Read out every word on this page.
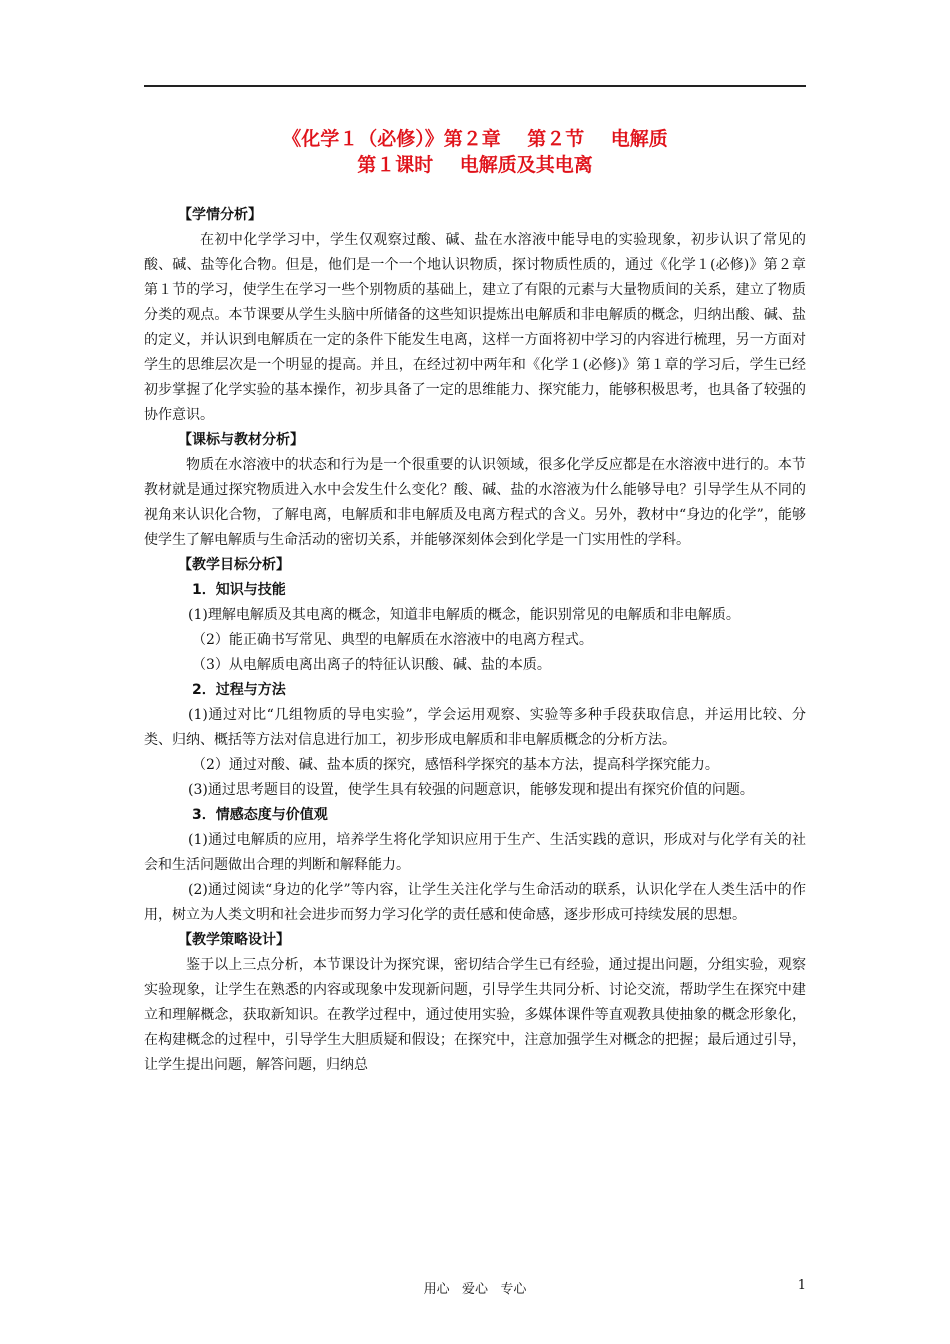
《化学１（必修）》第２章    第２节    电解质
第１课时    电解质及其电离

【学情分析】

在初中化学学习中，学生仅观察过酸、碱、盐在水溶液中能导电的实验现象，初步认识了常见的酸、碱、盐等化合物。但是，他们是一个一个地认识物质，探讨物质性质的，通过《化学１(必修)》第２章第１节的学习，使学生在学习一些个别物质的基础上，建立了有限的元素与大量物质间的关系，建立了物质分类的观点。本节课要从学生头脑中所储备的这些知识提炼出电解质和非电解质的概念，归纳出酸、碱、盐的定义，并认识到电解质在一定的条件下能发生电离，这样一方面将初中学习的内容进行梳理，另一方面对学生的思维层次是一个明显的提高。并且，在经过初中两年和《化学１(必修)》第１章的学习后，学生已经初步掌握了化学实验的基本操作，初步具备了一定的思维能力、探究能力，能够积极思考，也具备了较强的协作意识。

【课标与教材分析】

物质在水溶液中的状态和行为是一个很重要的认识领域，很多化学反应都是在水溶液中进行的。本节教材就是通过探究物质进入水中会发生什么变化？酸、碱、盐的水溶液为什么能够导电？引导学生从不同的视角来认识化合物，了解电离，电解质和非电解质及电离方程式的含义。另外，教材中“身边的化学”，能够使学生了解电解质与生命活动的密切关系，并能够深刻体会到化学是一门实用性的学科。

【教学目标分析】

1．知识与技能

(1)理解电解质及其电离的概念，知道非电解质的概念，能识别常见的电解质和非电解质。

（2）能正确书写常见、典型的电解质在水溶液中的电离方程式。

（3）从电解质电离出离子的特征认识酸、碱、盐的本质。

2．过程与方法

(1)通过对比“几组物质的导电实验”，学会运用观察、实验等多种手段获取信息，并运用比较、分类、归纳、概括等方法对信息进行加工，初步形成电解质和非电解质概念的分析方法。

（2）通过对酸、碱、盐本质的探究，感悟科学探究的基本方法，提高科学探究能力。

(3)通过思考题目的设置，使学生具有较强的问题意识，能够发现和提出有探究价值的问题。

3．情感态度与价值观

(1)通过电解质的应用，培养学生将化学知识应用于生产、生活实践的意识，形成对与化学有关的社会和生活问题做出合理的判断和解释能力。

(2)通过阅读“身边的化学”等内容，让学生关注化学与生命活动的联系，认识化学在人类生活中的作用，树立为人类文明和社会进步而努力学习化学的责任感和使命感，逐步形成可持续发展的思想。

【教学策略设计】

鉴于以上三点分析，本节课设计为探究课，密切结合学生已有经验，通过提出问题，分组实验，观察实验现象，让学生在熟悉的内容或现象中发现新问题，引导学生共同分析、讨论交流，帮助学生在探究中建立和理解概念，获取新知识。在教学过程中，通过使用实验，多媒体课件等直观教具使抽象的概念形象化，在构建概念的过程中，引导学生大胆质疑和假设；在探究中，注意加强学生对概念的把握；最后通过引导，让学生提出问题，解答问题，归纳总

用心   爱心   专心	1
